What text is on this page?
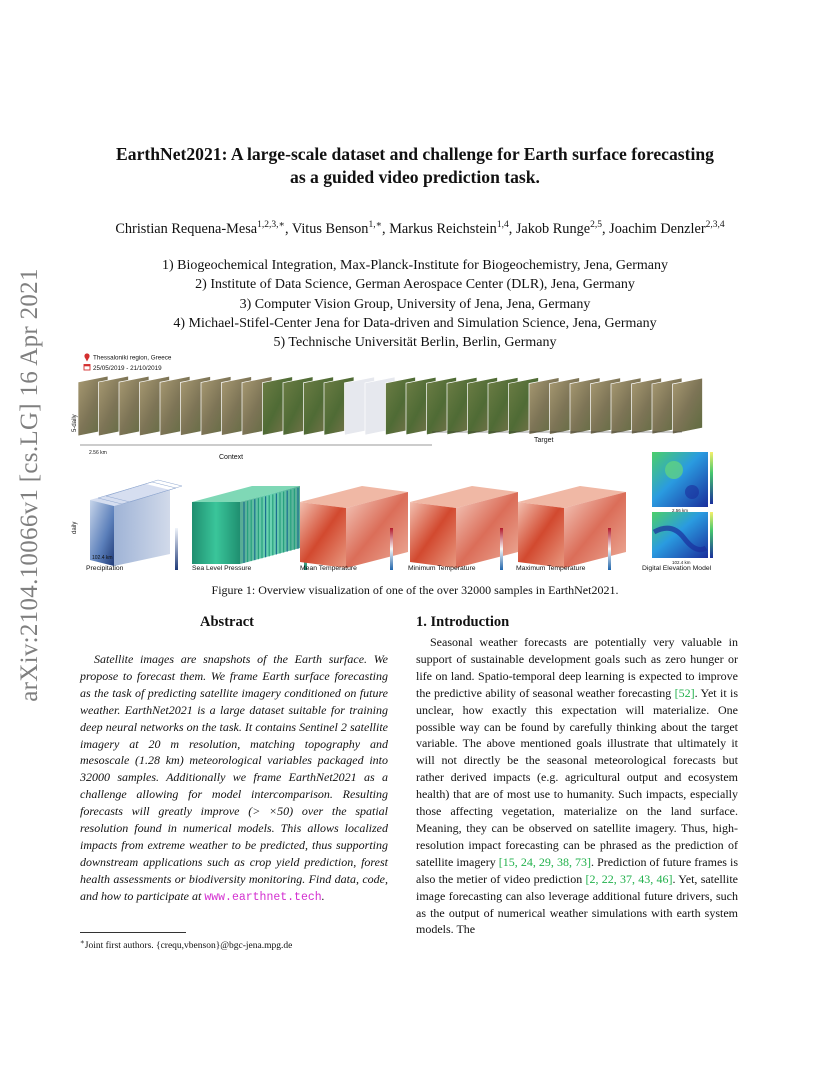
arXiv:2104.10066v1 [cs.LG] 16 Apr 2021
EarthNet2021: A large-scale dataset and challenge for Earth surface forecasting
as a guided video prediction task.
Christian Requena-Mesa$^{1,2,3,∗}$, Vitus Benson$^{1,∗}$, Markus Reichstein$^{1,4}$, Jakob Runge$^{2,5}$, Joachim Denzler$^{2,3,4}$
1) Biogeochemical Integration, Max-Planck-Institute for Biogeochemistry, Jena, Germany
2) Institute of Data Science, German Aerospace Center (DLR), Jena, Germany
3) Computer Vision Group, University of Jena, Jena, Germany
4) Michael-Stifel-Center Jena for Data-driven and Simulation Science, Jena, Germany
5) Technische Universität Berlin, Berlin, Germany
Thessaloniki region, Greece
25/05/2019 - 21/10/2019
5-daily
daily
Context
Target
2.56 km
102.4 km
2.56 km
102.4 km
Precipitation	Sea Level Pressure	Mean Temperature	Minimum Temperature	Maximum Temperature	Digital Elevation Model
Figure 1: Overview visualization of one of the over 32000 samples in EarthNet2021.
Abstract

Satellite images are snapshots of the Earth surface. We propose to forecast them. We frame Earth surface forecasting as the task of predicting satellite imagery conditioned on future weather. EarthNet2021 is a large dataset suitable for training deep neural networks on the task. It contains Sentinel 2 satellite imagery at 20 m resolution, matching topography and mesoscale (1.28 km) meteorological variables packaged into 32000 samples. Additionally we frame EarthNet2021 as a challenge allowing for model intercomparison. Resulting forecasts will greatly improve (> ×50) over the spatial resolution found in numerical models. This allows localized impacts from extreme weather to be predicted, thus supporting downstream applications such as crop yield prediction, forest health assessments or biodiversity monitoring. Find data, code, and how to participate at www.earthnet.tech.

1. Introduction

Seasonal weather forecasts are potentially very valuable in support of sustainable development goals such as zero hunger or life on land. Spatio-temporal deep learning is expected to improve the predictive ability of seasonal weather forecasting [52]. Yet it is unclear, how exactly this expectation will materialize. One possible way can be found by carefully thinking about the target variable. The above mentioned goals illustrate that ultimately it will not directly be the seasonal meteorological forecasts but rather derived impacts (e.g. agricultural output and ecosystem health) that are of most use to humanity. Such impacts, especially those affecting vegetation, materialize on the land surface. Meaning, they can be observed on satellite imagery. Thus, high-resolution impact forecasting can be phrased as the prediction of satellite imagery [15, 24, 29, 38, 73]. Prediction of future frames is also the metier of video prediction [2, 22, 37, 43, 46]. Yet, satellite image forecasting can also leverage additional future drivers, such as the output of numerical weather simulations with earth system models. The

∗Joint first authors. {crequ,vbenson}@bgc-jena.mpg.de
